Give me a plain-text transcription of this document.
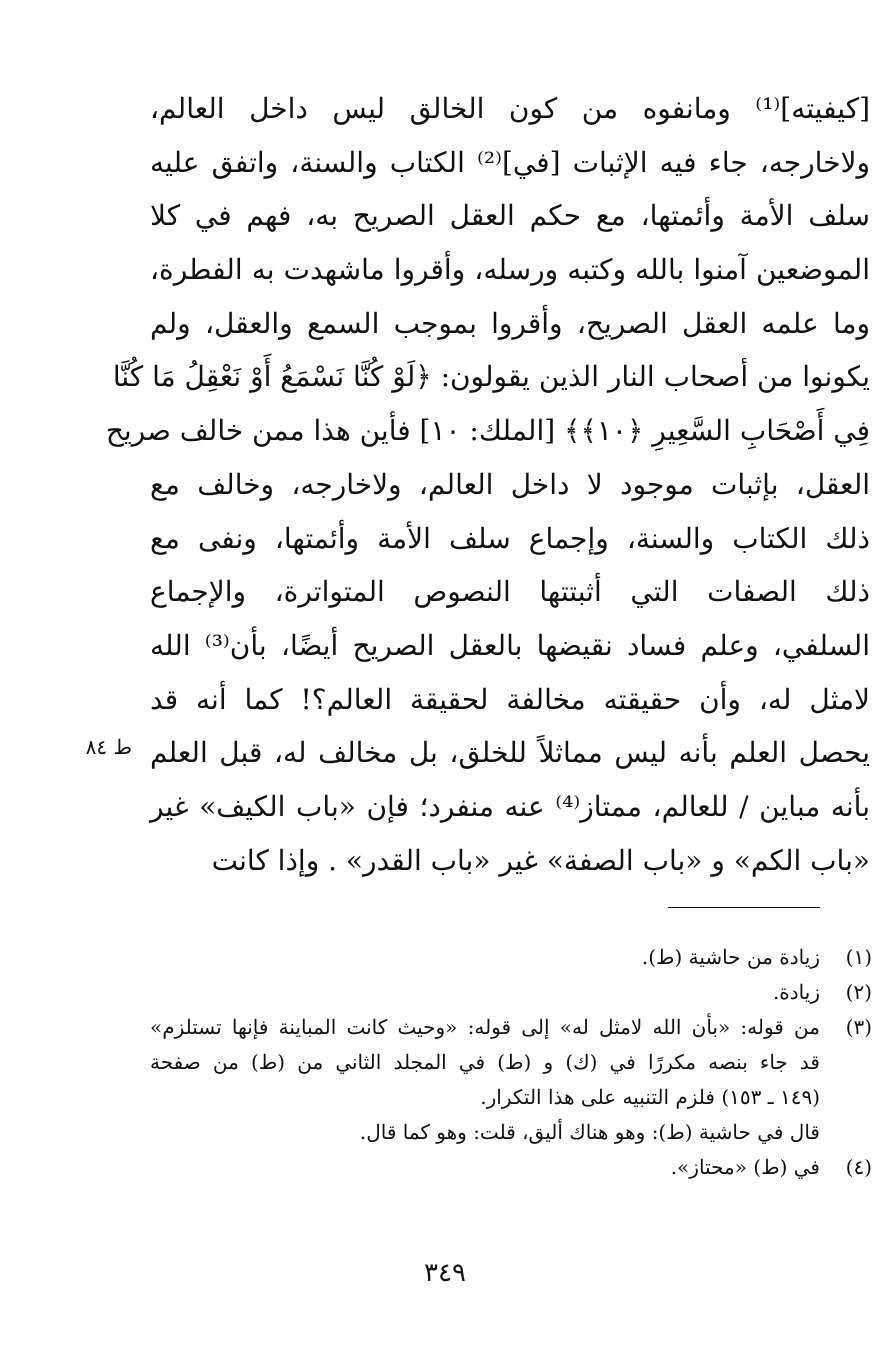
[كيفيته]⁽¹⁾ ومانفوه من كون الخالق ليس داخل العالم،
ولاخارجه، جاء فيه الإثبات [في]⁽²⁾ الكتاب والسنة، واتفق عليه
سلف الأمة وأئمتها، مع حكم العقل الصريح به، فهم في كلا
الموضعين آمنوا بالله وكتبه ورسله، وأقروا ماشهدت به الفطرة،
وما علمه العقل الصريح، وأقروا بموجب السمع والعقل، ولم
يكونوا من أصحاب النار الذين يقولون: ﴿لَوْ كُنَّا نَسْمَعُ أَوْ نَعْقِلُ مَا كُنَّا
فِي أَصْحَابِ السَّعِيرِ ﴿١٠﴾﴾ [الملك: ١٠] فأين هذا ممن خالف صريح
العقل، بإثبات موجود لا داخل العالم، ولاخارجه، وخالف مع
ذلك الكتاب والسنة، وإجماع سلف الأمة وأئمتها، ونفى مع
ذلك الصفات التي أثبتتها النصوص المتواترة، والإجماع
السلفي، وعلم فساد نقيضها بالعقل الصريح أيضًا، بأن⁽³⁾ الله
لامثل له، وأن حقيقته مخالفة لحقيقة العالم؟! كما أنه قد
يحصل العلم بأنه ليس مماثلاً للخلق، بل مخالف له، قبل العلم
بأنه مباين / للعالم، ممتاز⁽⁴⁾ عنه منفرد؛ فإن «باب الكيف» غير
«باب الكم» و «باب الصفة» غير «باب القدر» . وإذا كانت
ط ٨٤
(١)
زيادة من حاشية (ط).
(٢)
زيادة.
(٣)
من قوله: «بأن الله لامثل له» إلى قوله: «وحيث كانت المباينة فإنها تستلزم»
قد جاء بنصه مكررًا في (ك) و (ط) في المجلد الثاني من (ط) من صفحة
(١٤٩ ـ ١٥٣) فلزم التنبيه على هذا التكرار.
قال في حاشية (ط): وهو هناك أليق، قلت: وهو كما قال.
(٤)
في (ط) «محتاز».
٣٤٩
